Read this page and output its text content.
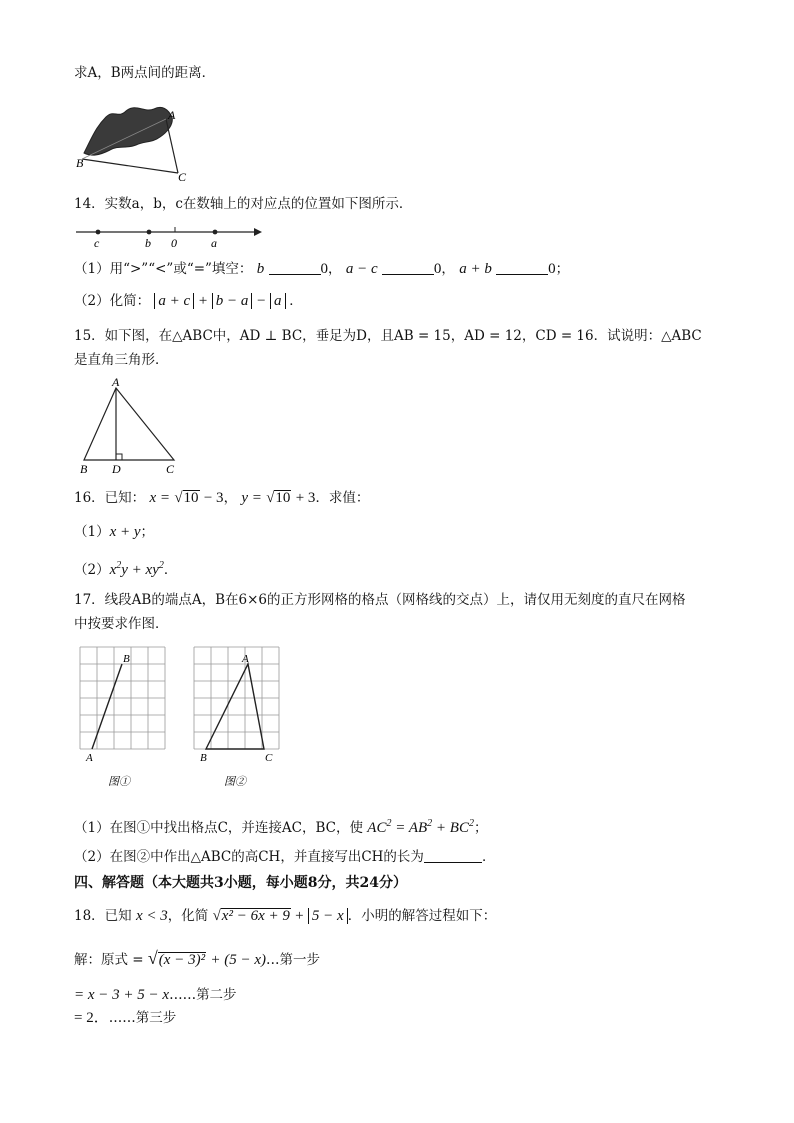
求A，B两点间的距离．
A
B
C
14．实数a，b，c在数轴上的对应点的位置如下图所示．
c	b 0	a
（1）用“>”“<”或“=”填空： b	0， a − c	0， a + b	0；
（2）化简： a + c + b − a − a ．
15．如下图，在△ABC中，AD ⊥ BC，垂足为D，且AB = 15，AD = 12，CD = 16．试说明：△ABC
是直角三角形．
A
B D	C
16．已知： x = √10 − 3， y = √10 + 3．求值：
（1）x + y；
$(2)x^2y + xy^2$．
17．线段AB的端点A，B在6×6的正方形网格的格点（网格线的交点）上，请仅用无刻度的直尺在网格
中按要求作图．
A
B
图①
A
B	C
图②
（1）在图①中找出格点C，并连接AC，BC，使 $AC^2 = AB^2 + BC^2$；
（2）在图②中作出△ABC的高CH，并直接写出CH的长为	．
四、解答题（本大题共3小题，每小题8分，共24分）
18．已知 x < 3，化简 √x² − 6x + 9 + 5 − x ．小明的解答过程如下：
解：原式 = √(x − 3)² + (5 − x)…第一步
= x − 3 + 5 − x……第二步
= 2．……第三步
